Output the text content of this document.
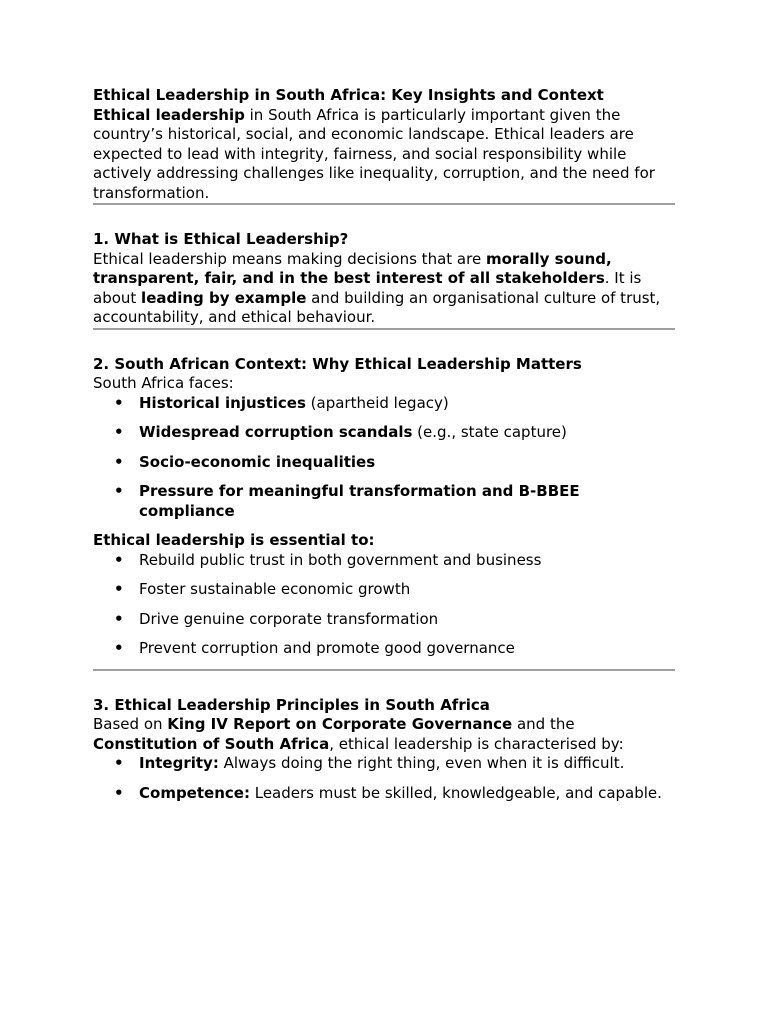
Ethical Leadership in South Africa: Key Insights and Context

Ethical leadership in South Africa is particularly important given the country’s historical, social, and economic landscape. Ethical leaders are expected to lead with integrity, fairness, and social responsibility while actively addressing challenges like inequality, corruption, and the need for transformation.

1. What is Ethical Leadership?

Ethical leadership means making decisions that are morally sound, transparent, fair, and in the best interest of all stakeholders. It is about leading by example and building an organisational culture of trust, accountability, and ethical behaviour.

2. South African Context: Why Ethical Leadership Matters

South Africa faces:

• Historical injustices (apartheid legacy)
• Widespread corruption scandals (e.g., state capture)
• Socio-economic inequalities
• Pressure for meaningful transformation and B-BBEE compliance

Ethical leadership is essential to:

• Rebuild public trust in both government and business
• Foster sustainable economic growth
• Drive genuine corporate transformation
• Prevent corruption and promote good governance

3. Ethical Leadership Principles in South Africa

Based on King IV Report on Corporate Governance and the Constitution of South Africa, ethical leadership is characterised by:

• Integrity: Always doing the right thing, even when it is difficult.
• Competence: Leaders must be skilled, knowledgeable, and capable.
